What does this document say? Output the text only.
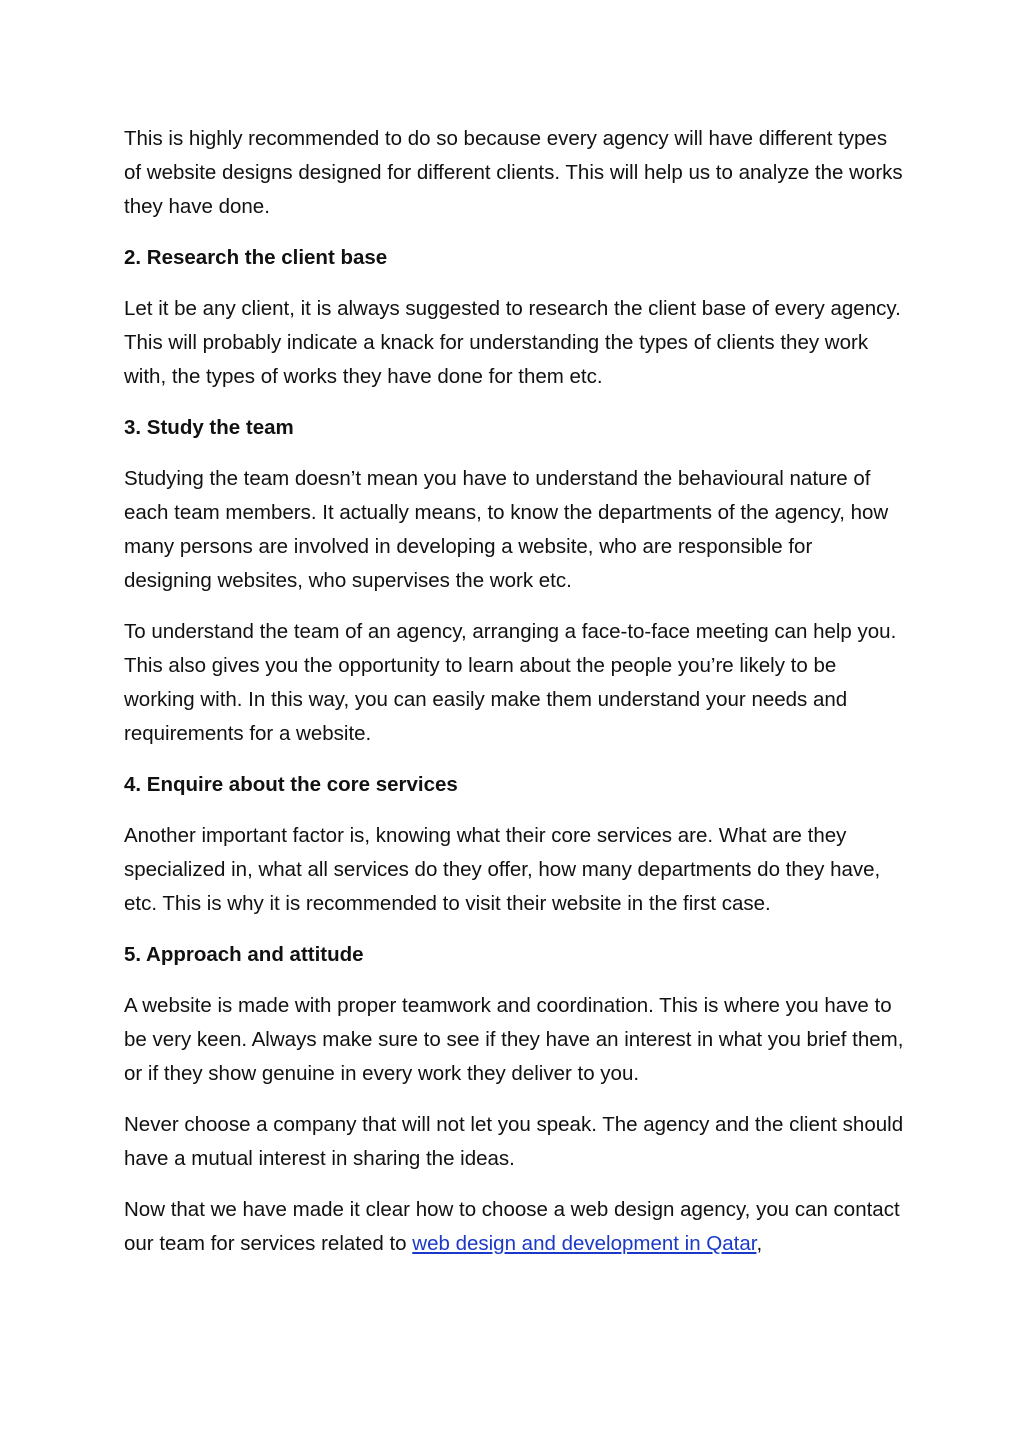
This is highly recommended to do so because every agency will have different types of website designs designed for different clients. This will help us to analyze the works they have done.

2. Research the client base

Let it be any client, it is always suggested to research the client base of every agency. This will probably indicate a knack for understanding the types of clients they work with, the types of works they have done for them etc.

3. Study the team

Studying the team doesn’t mean you have to understand the behavioural nature of each team members. It actually means, to know the departments of the agency, how many persons are involved in developing a website, who are responsible for designing websites, who supervises the work etc.

To understand the team of an agency, arranging a face-to-face meeting can help you. This also gives you the opportunity to learn about the people you’re likely to be working with. In this way, you can easily make them understand your needs and requirements for a website.

4. Enquire about the core services

Another important factor is, knowing what their core services are. What are they specialized in, what all services do they offer, how many departments do they have, etc. This is why it is recommended to visit their website in the first case.

5. Approach and attitude

A website is made with proper teamwork and coordination. This is where you have to be very keen. Always make sure to see if they have an interest in what you brief them, or if they show genuine in every work they deliver to you.

Never choose a company that will not let you speak. The agency and the client should have a mutual interest in sharing the ideas.

Now that we have made it clear how to choose a web design agency, you can contact our team for services related to web design and development in Qatar,
